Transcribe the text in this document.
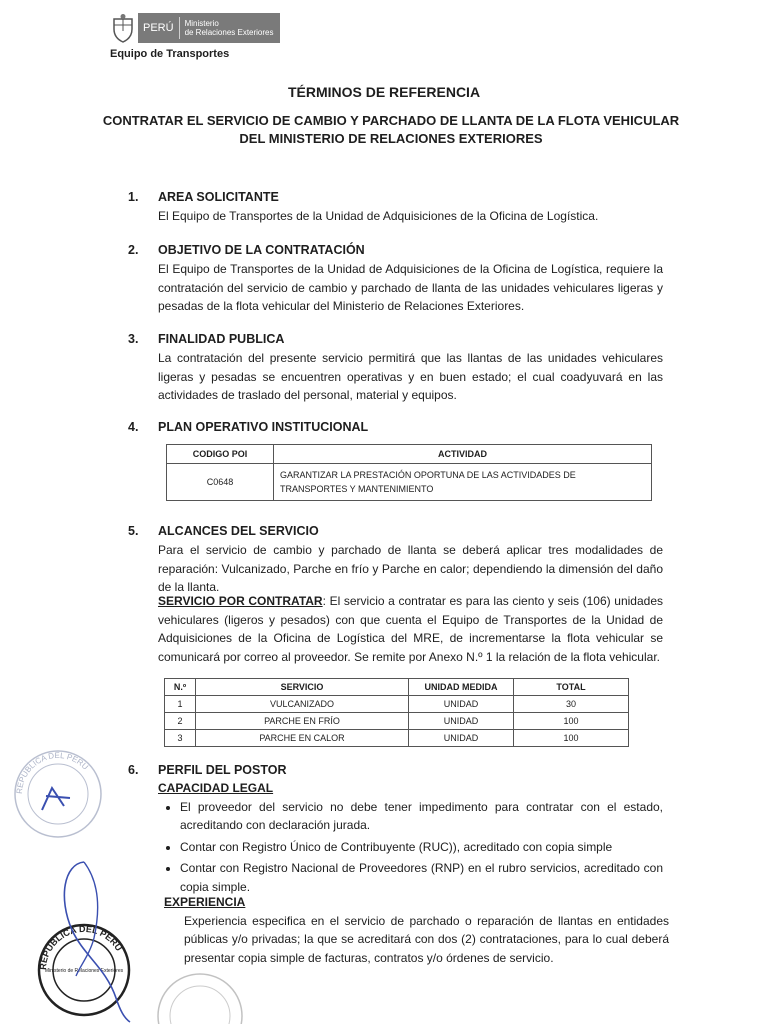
PERÚ	Ministerio
de Relaciones Exteriores
Equipo de Transportes
TÉRMINOS DE REFERENCIA
CONTRATAR EL SERVICIO DE CAMBIO Y PARCHADO DE LLANTA DE LA FLOTA VEHICULAR DEL MINISTERIO DE RELACIONES EXTERIORES
1. AREA SOLICITANTE
El Equipo de Transportes de la Unidad de Adquisiciones de la Oficina de Logística.
2. OBJETIVO DE LA CONTRATACIÓN
El Equipo de Transportes de la Unidad de Adquisiciones de la Oficina de Logística, requiere la contratación del servicio de cambio y parchado de llanta de las unidades vehiculares ligeras y pesadas de la flota vehicular del Ministerio de Relaciones Exteriores.
3. FINALIDAD PUBLICA
La contratación del presente servicio permitirá que las llantas de las unidades vehiculares ligeras y pesadas se encuentren operativas y en buen estado; el cual coadyuvará en las actividades de traslado del personal, material y equipos.
4. PLAN OPERATIVO INSTITUCIONAL
CODIGO POI	ACTIVIDAD
C0648	GARANTIZAR LA PRESTACIÓN OPORTUNA DE LAS ACTIVIDADES DE TRANSPORTES Y MANTENIMIENTO
5. ALCANCES DEL SERVICIO
Para el servicio de cambio y parchado de llanta se deberá aplicar tres modalidades de reparación: Vulcanizado, Parche en frío y Parche en calor; dependiendo la dimensión del daño de la llanta.
SERVICIO POR CONTRATAR: El servicio a contratar es para las ciento y seis (106) unidades vehiculares (ligeros y pesados) con que cuenta el Equipo de Transportes de la Unidad de Adquisiciones de la Oficina de Logística del MRE, de incrementarse la flota vehicular se comunicará por correo al proveedor. Se remite por Anexo N.º 1 la relación de la flota vehicular.
N.º	SERVICIO	UNIDAD MEDIDA	TOTAL
1	VULCANIZADO	UNIDAD	30
2	PARCHE EN FRÍO	UNIDAD	100
3	PARCHE EN CALOR	UNIDAD	100
6. PERFIL DEL POSTOR
CAPACIDAD LEGAL
• El proveedor del servicio no debe tener impedimento para contratar con el estado, acreditando con declaración jurada.
• Contar con Registro Único de Contribuyente (RUC)), acreditado con copia simple
• Contar con Registro Nacional de Proveedores (RNP) en el rubro servicios, acreditado con copia simple.
EXPERIENCIA
Experiencia especifica en el servicio de parchado o reparación de llantas en entidades públicas y/o privadas; la que se acreditará con dos (2) contrataciones, para lo cual deberá presentar copia simple de facturas, contratos y/o órdenes de servicio.
REPUBLICA DEL PERU
REPUBLICA DEL PERU
Ministerio de Relaciones Exteriores
